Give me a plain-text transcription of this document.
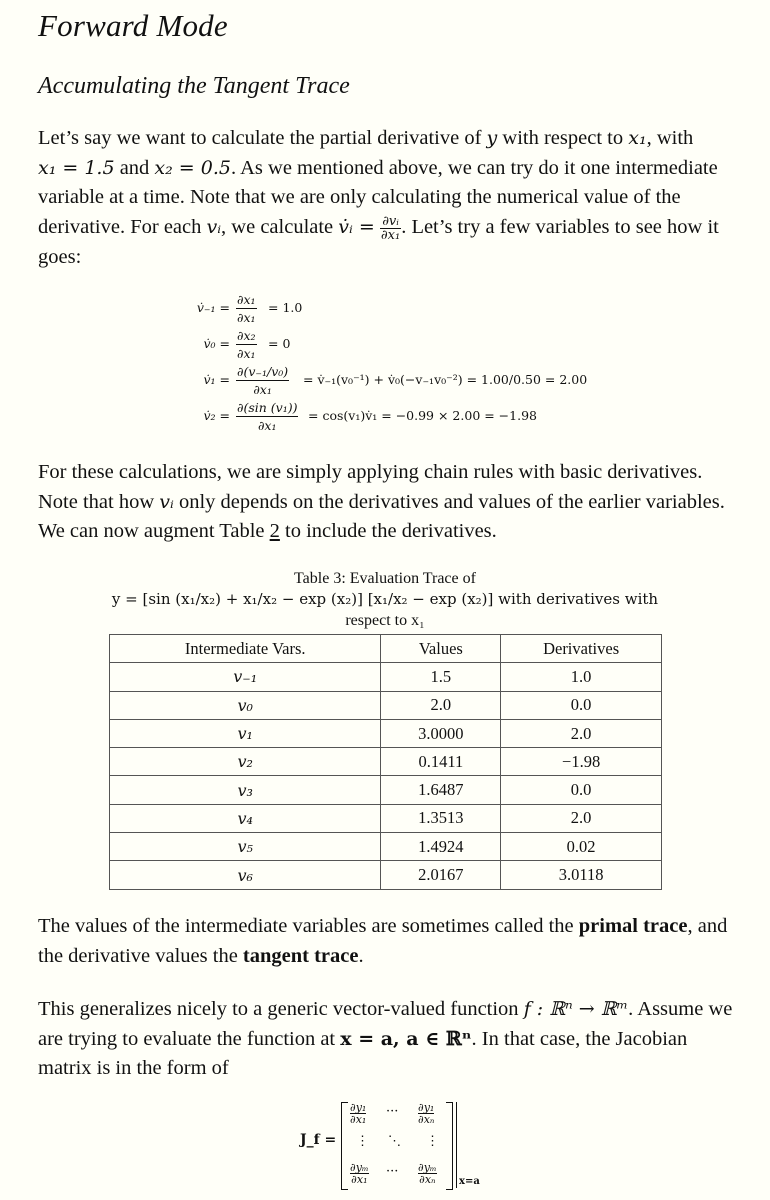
Forward Mode
Accumulating the Tangent Trace

Let’s say we want to calculate the partial derivative of y with respect to x₁, with
x₁ = 1.5 and x₂ = 0.5. As we mentioned above, we can try do it one intermediate variable at a time. Note that we are only calculating the numerical value of the derivative. For each vᵢ, we calculate v̇ᵢ = $\frac{\text{∂vᵢ}}{\text{∂x₁}}$ . Let’s try a few variables to see how it goes:

v̇₋₁ = $\frac{\text{∂x₁}}{\text{∂x₁}} = 1.0$
v̇₀ = $\frac{\text{∂x₂}}{\text{∂x₁}} = 0$
v̇₁ = $\frac{\text{∂(v₋₁/v₀)}}{\text{∂x₁}}$ = v̇₋₁(v₀⁻¹) + v̇₀(−v₋₁v₀⁻²) = 1.00/0.50 = 2.00
v̇₂ = $\frac{\text{∂(sin (v₁))}}{\text{∂x₁}}$ = cos(v₁)v̇₁ = −0.99 × 2.00 = −1.98

For these calculations, we are simply applying chain rules with basic derivatives. Note that how vᵢ only depends on the derivatives and values of the earlier variables. We can now augment Table 2 to include the derivatives.

Table 3: Evaluation Trace of
y = [sin (x₁/x₂) + x₁/x₂ − exp (x₂)] [x₁/x₂ − exp (x₂)] with derivatives with
respect to x₁
Intermediate Vars.	Values	Derivatives
v₋₁	1.5	1.0
v₀	2.0	0.0
v₁	3.0000	2.0
v₂	0.1411	−1.98
v₃	1.6487	0.0
v₄	1.3513	2.0
v₅	1.4924	0.02
v₆	2.0167	3.0118

The values of the intermediate variables are sometimes called the primal trace, and the derivative values the tangent trace.

This generalizes nicely to a generic vector-valued function f : ℝⁿ → ℝᵐ. Assume we are trying to evaluate the function at x = a, a ∈ ℝⁿ. In that case, the Jacobian matrix is in the form of

J_f =
$\frac{\text{∂y₁}}{\text{∂x₁}}$ ··· $\frac{\text{∂y₁}}{\text{∂xₙ}}$
⋮ ⋱ ⋮
$\frac{\text{∂yₘ}}{\text{∂x₁}}$ ··· $\frac{\text{∂yₘ}}{\text{∂xₙ}} x=a$
